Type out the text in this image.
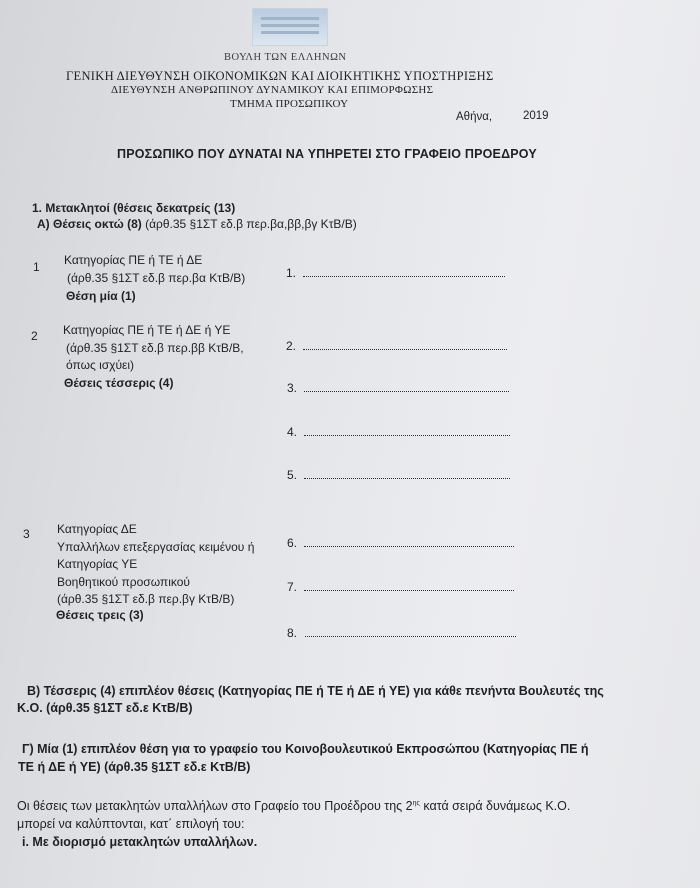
ΒΟΥΛΗ ΤΩΝ ΕΛΛΗΝΩΝ
ΓΕΝΙΚΗ ΔΙΕΥΘΥΝΣΗ ΟΙΚΟΝΟΜΙΚΩΝ ΚΑΙ ΔΙΟΙΚΗΤΙΚΗΣ ΥΠΟΣΤΗΡΙΞΗΣ
ΔΙΕΥΘΥΝΣΗ ΑΝΘΡΩΠΙΝΟΥ ΔΥΝΑΜΙΚΟΥ ΚΑΙ ΕΠΙΜΟΡΦΩΣΗΣ
ΤΜΗΜΑ ΠΡΟΣΩΠΙΚΟΥ
Αθήνα,	2019
ΠΡΟΣΩΠΙΚΟ ΠΟΥ ΔΥΝΑΤΑΙ ΝΑ ΥΠΗΡΕΤΕΙ ΣΤΟ ΓΡΑΦΕΙΟ ΠΡΟΕΔΡΟΥ
1. Μετακλητοί (θέσεις δεκατρείς (13)
Α) Θέσεις οκτώ (8) (άρθ.35 §1ΣΤ εδ.β περ.βα,ββ,βγ ΚτΒ/Β)
1 Κατηγορίας ΠΕ ή ΤΕ ή ΔΕ
(άρθ.35 §1ΣΤ εδ.β περ.βα ΚτΒ/Β)
Θέση μία (1)
2 Κατηγορίας ΠΕ ή ΤΕ ή ΔΕ ή ΥΕ
(άρθ.35 §1ΣΤ εδ.β περ.ββ ΚτΒ/Β,
όπως ισχύει)
Θέσεις τέσσερις (4)
3 Κατηγορίας ΔΕ
Υπαλλήλων επεξεργασίας κειμένου ή
Κατηγορίας ΥΕ
Βοηθητικού προσωπικού
(άρθ.35 §1ΣΤ εδ.β περ.βγ ΚτΒ/Β)
Θέσεις τρεις (3)
1.
2.
3.
4.
5.
6.
7.
8.
Β) Τέσσερις (4) επιπλέον θέσεις (Κατηγορίας ΠΕ ή ΤΕ ή ΔΕ ή ΥΕ) για κάθε πενήντα Βουλευτές της
Κ.Ο. (άρθ.35 §1ΣΤ εδ.ε ΚτΒ/Β)
Γ) Μία (1) επιπλέον θέση για το γραφείο του Κοινοβουλευτικού Εκπροσώπου (Κατηγορίας ΠΕ ή
ΤΕ ή ΔΕ ή ΥΕ) (άρθ.35 §1ΣΤ εδ.ε ΚτΒ/Β)
Οι θέσεις των μετακλητών υπαλλήλων στο Γραφείο του Προέδρου της $2^{\eta\varsigma}$ κατά σειρά δυνάμεως Κ.Ο.
μπορεί να καλύπτονται, κατ΄ επιλογή του:
i. Με διορισμό μετακλητών υπαλλήλων.
